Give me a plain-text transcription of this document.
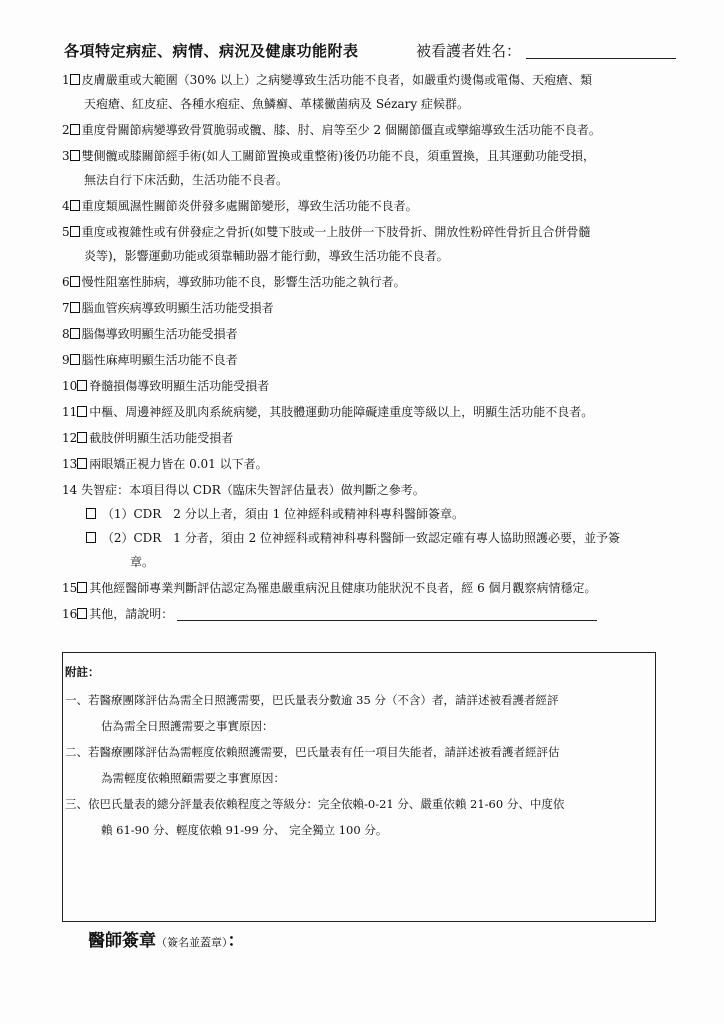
各項特定病症、病情、病況及健康功能附表	被看護者姓名：
1 皮膚嚴重或大範圍（30% 以上）之病變導致生活功能不良者，如嚴重灼燙傷或電傷、天疱瘡、類
天疱瘡、紅皮症、各種水疱症、魚鱗癬、革樣黴菌病及 Sézary 症候群。
2 重度骨關節病變導致骨質脆弱或髖、膝、肘、肩等至少 2 個關節僵直或攣縮導致生活功能不良者。
3 雙側髖或膝關節經手術(如人工關節置換或重整術)後仍功能不良，須重置換，且其運動功能受損，
無法自行下床活動，生活功能不良者。
4 重度類風濕性關節炎併發多處關節變形，導致生活功能不良者。
5 重度或複雜性或有併發症之骨折(如雙下肢或一上肢併一下肢骨折、開放性粉碎性骨折且合併骨髓
炎等)，影響運動功能或須靠輔助器才能行動，導致生活功能不良者。
6 慢性阻塞性肺病，導致肺功能不良，影響生活功能之執行者。
7 腦血管疾病導致明顯生活功能受損者
8 腦傷導致明顯生活功能受損者
9 腦性麻痺明顯生活功能不良者
10 脊髓損傷導致明顯生活功能受損者
11 中樞、周邊神經及肌肉系統病變，其肢體運動功能障礙達重度等級以上，明顯生活功能不良者。
12 截肢併明顯生活功能受損者
13 兩眼矯正視力皆在 0.01 以下者。
14 失智症：本項目得以 CDR（臨床失智評估量表）做判斷之參考。
（1）CDR　2 分以上者，須由 1 位神經科或精神科專科醫師簽章。
（2）CDR　1 分者，須由 2 位神經科或精神科專科醫師一致認定確有專人協助照護必要，並予簽
章。
15 其他經醫師專業判斷評估認定為罹患嚴重病況且健康功能狀況不良者，經 6 個月觀察病情穩定。
16 其他，請說明：
附註：
一、若醫療團隊評估為需全日照護需要，巴氏量表分數逾 35 分（不含）者，請詳述被看護者經評
估為需全日照護需要之事實原因：
二、若醫療團隊評估為需輕度依賴照護需要，巴氏量表有任一項目失能者，請詳述被看護者經評估
為需輕度依賴照顧需要之事實原因：
三、依巴氏量表的總分評量表依賴程度之等級分：完全依賴-0-21 分、嚴重依賴 21-60 分、中度依
賴 61-90 分、輕度依賴 91-99 分、 完全獨立 100 分。
醫師簽章（簽名並蓋章）：
